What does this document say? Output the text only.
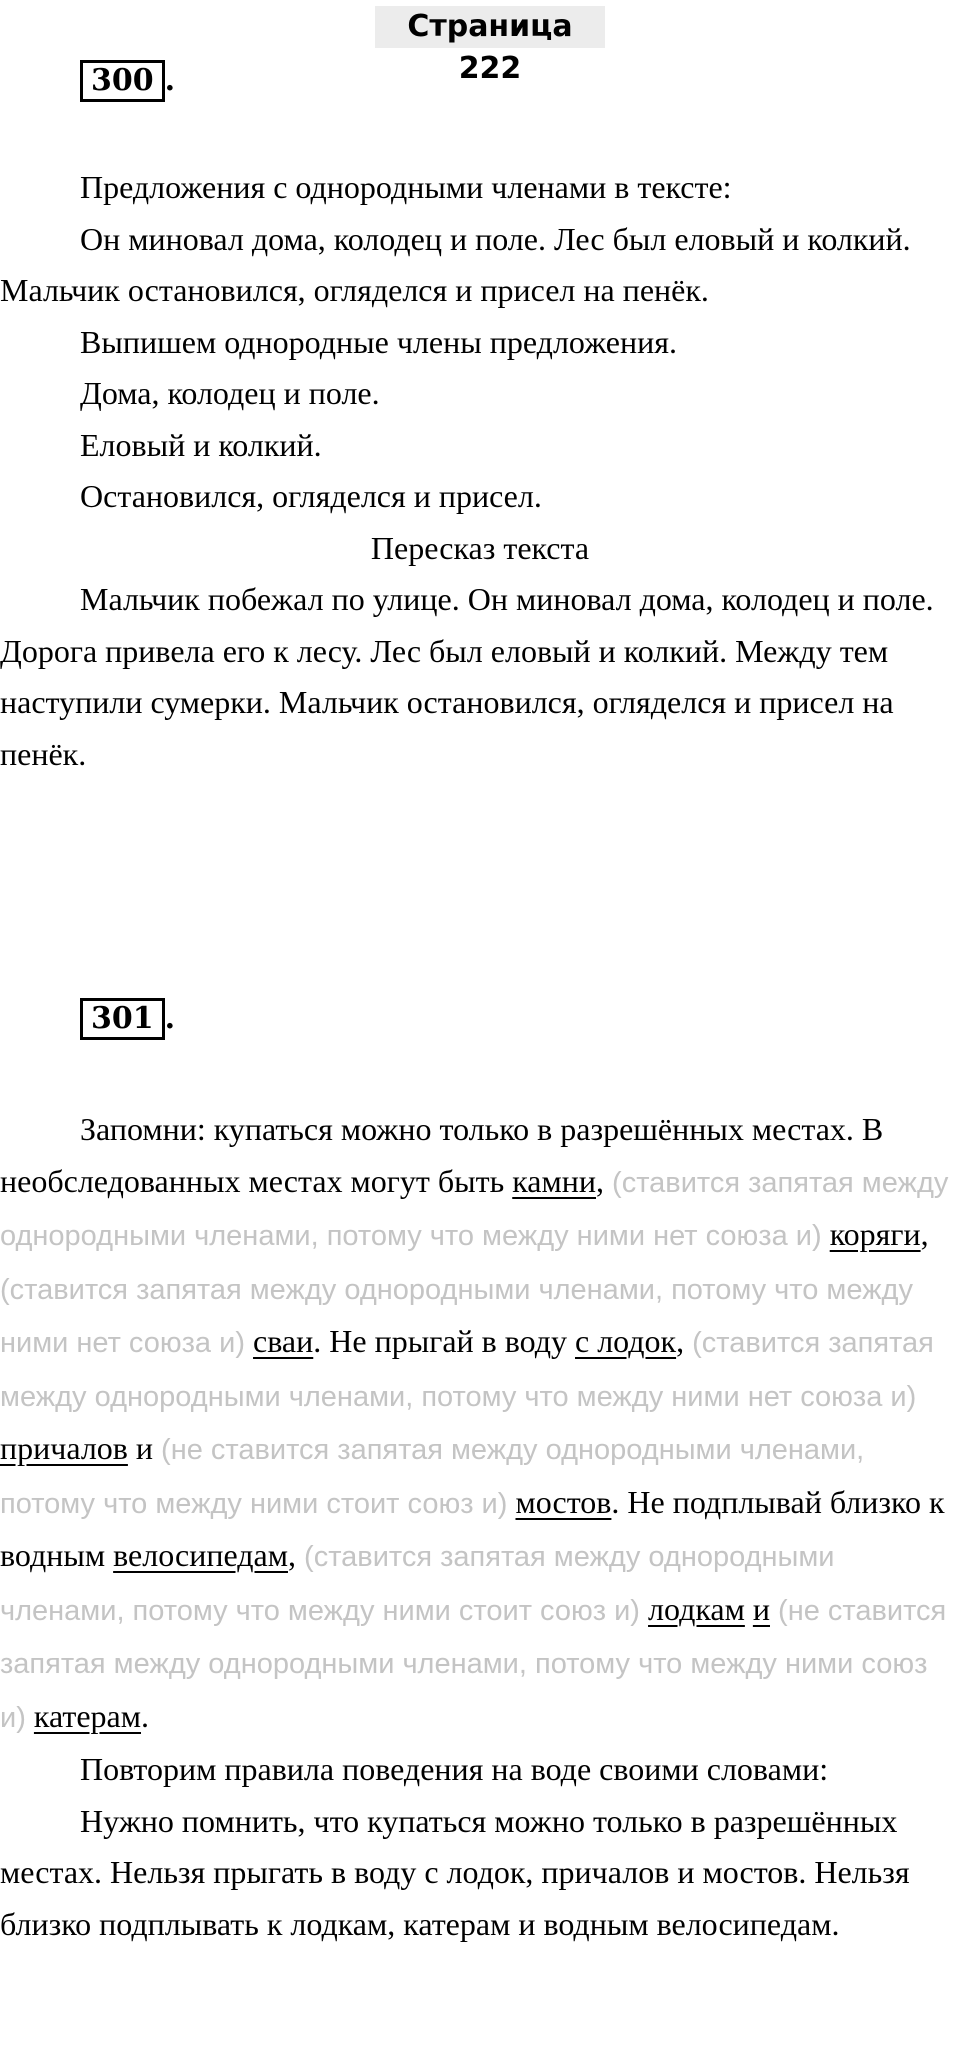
Страница 222
300 .

Предложения с однородными членами в тексте:

Он миновал дома, колодец и поле. Лес был еловый и колкий. Мальчик остановился, огляделся и присел на пенёк.

Выпишем однородные члены предложения.

Дома, колодец и поле.

Еловый и колкий.

Остановился, огляделся и присел.

Пересказ текста

Мальчик побежал по улице. Он миновал дома, колодец и поле. Дорога привела его к лесу. Лес был еловый и колкий. Между тем наступили сумерки. Мальчик остановился, огляделся и присел на пенёк.

301 .

Запомни: купаться можно только в разрешённых местах. В необследованных местах могут быть камни, (ставится запятая между однородными членами, потому что между ними нет союза и) коряги, (ставится запятая между однородными членами, потому что между ними нет союза и) сваи. Не прыгай в воду с лодок, (ставится запятая между однородными членами, потому что между ними нет союза и) причалов и (не ставится запятая между однородными членами, потому что между ними стоит союз и) мостов. Не подплывай близко к водным велосипедам, (ставится запятая между однородными членами, потому что между ними стоит союз и) лодкам и (не ставится запятая между однородными членами, потому что между ними союз и) катерам.

Повторим правила поведения на воде своими словами:

Нужно помнить, что купаться можно только в разрешённых местах. Нельзя прыгать в воду с лодок, причалов и мостов. Нельзя близко подплывать к лодкам, катерам и водным велосипедам.
